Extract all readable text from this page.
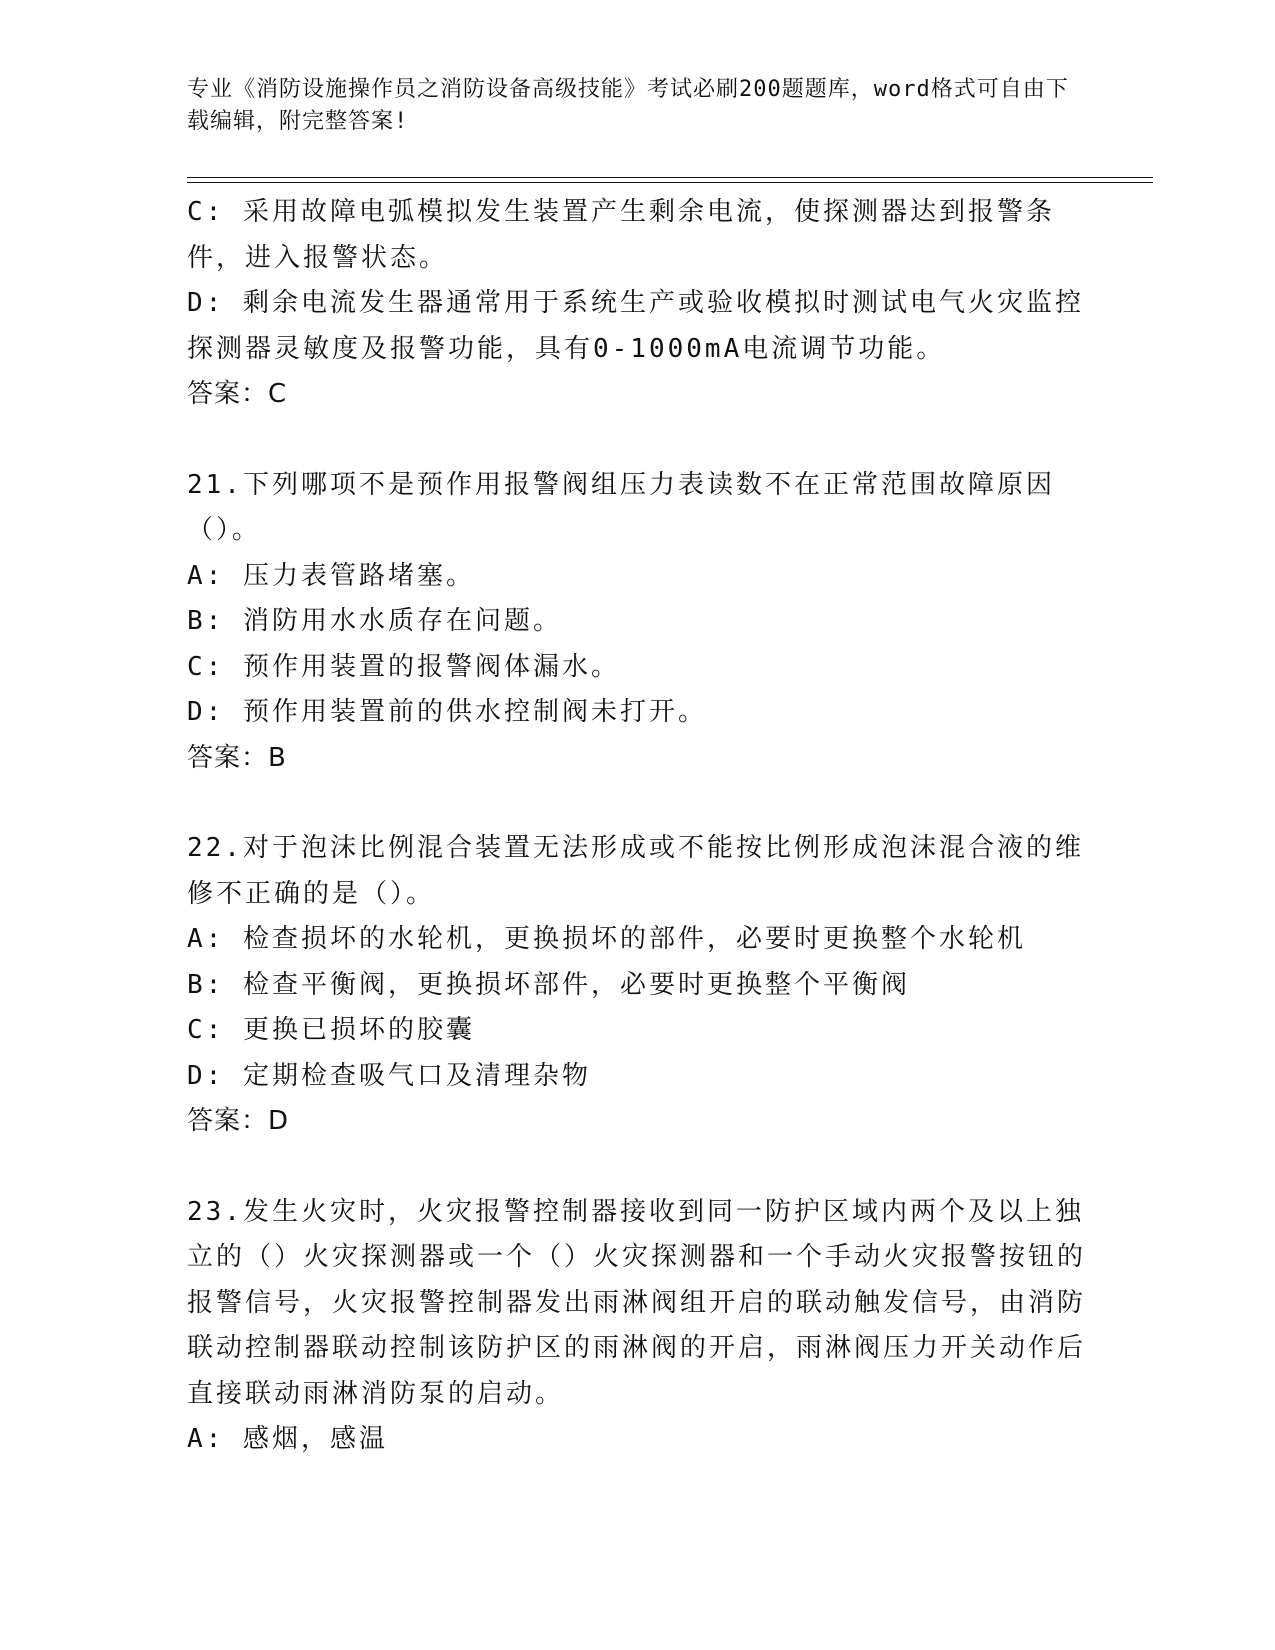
专业《消防设施操作员之消防设备高级技能》考试必刷200题题库，word格式可自由下载编辑，附完整答案!

C: 采用故障电弧模拟发生装置产生剩余电流，使探测器达到报警条件，进入报警状态。

D: 剩余电流发生器通常用于系统生产或验收模拟时测试电气火灾监控探测器灵敏度及报警功能，具有0-1000mA电流调节功能。

答案：C

21.下列哪项不是预作用报警阀组压力表读数不在正常范围故障原因（）。

A: 压力表管路堵塞。

B: 消防用水水质存在问题。

C: 预作用装置的报警阀体漏水。

D: 预作用装置前的供水控制阀未打开。

答案：B

22.对于泡沫比例混合装置无法形成或不能按比例形成泡沫混合液的维修不正确的是（）。

A: 检查损坏的水轮机，更换损坏的部件，必要时更换整个水轮机

B: 检查平衡阀，更换损坏部件，必要时更换整个平衡阀

C: 更换已损坏的胶囊

D: 定期检查吸气口及清理杂物

答案：D

23.发生火灾时，火灾报警控制器接收到同一防护区域内两个及以上独立的（）火灾探测器或一个（）火灾探测器和一个手动火灾报警按钮的报警信号，火灾报警控制器发出雨淋阀组开启的联动触发信号，由消防联动控制器联动控制该防护区的雨淋阀的开启，雨淋阀压力开关动作后直接联动雨淋消防泵的启动。

A: 感烟，感温
